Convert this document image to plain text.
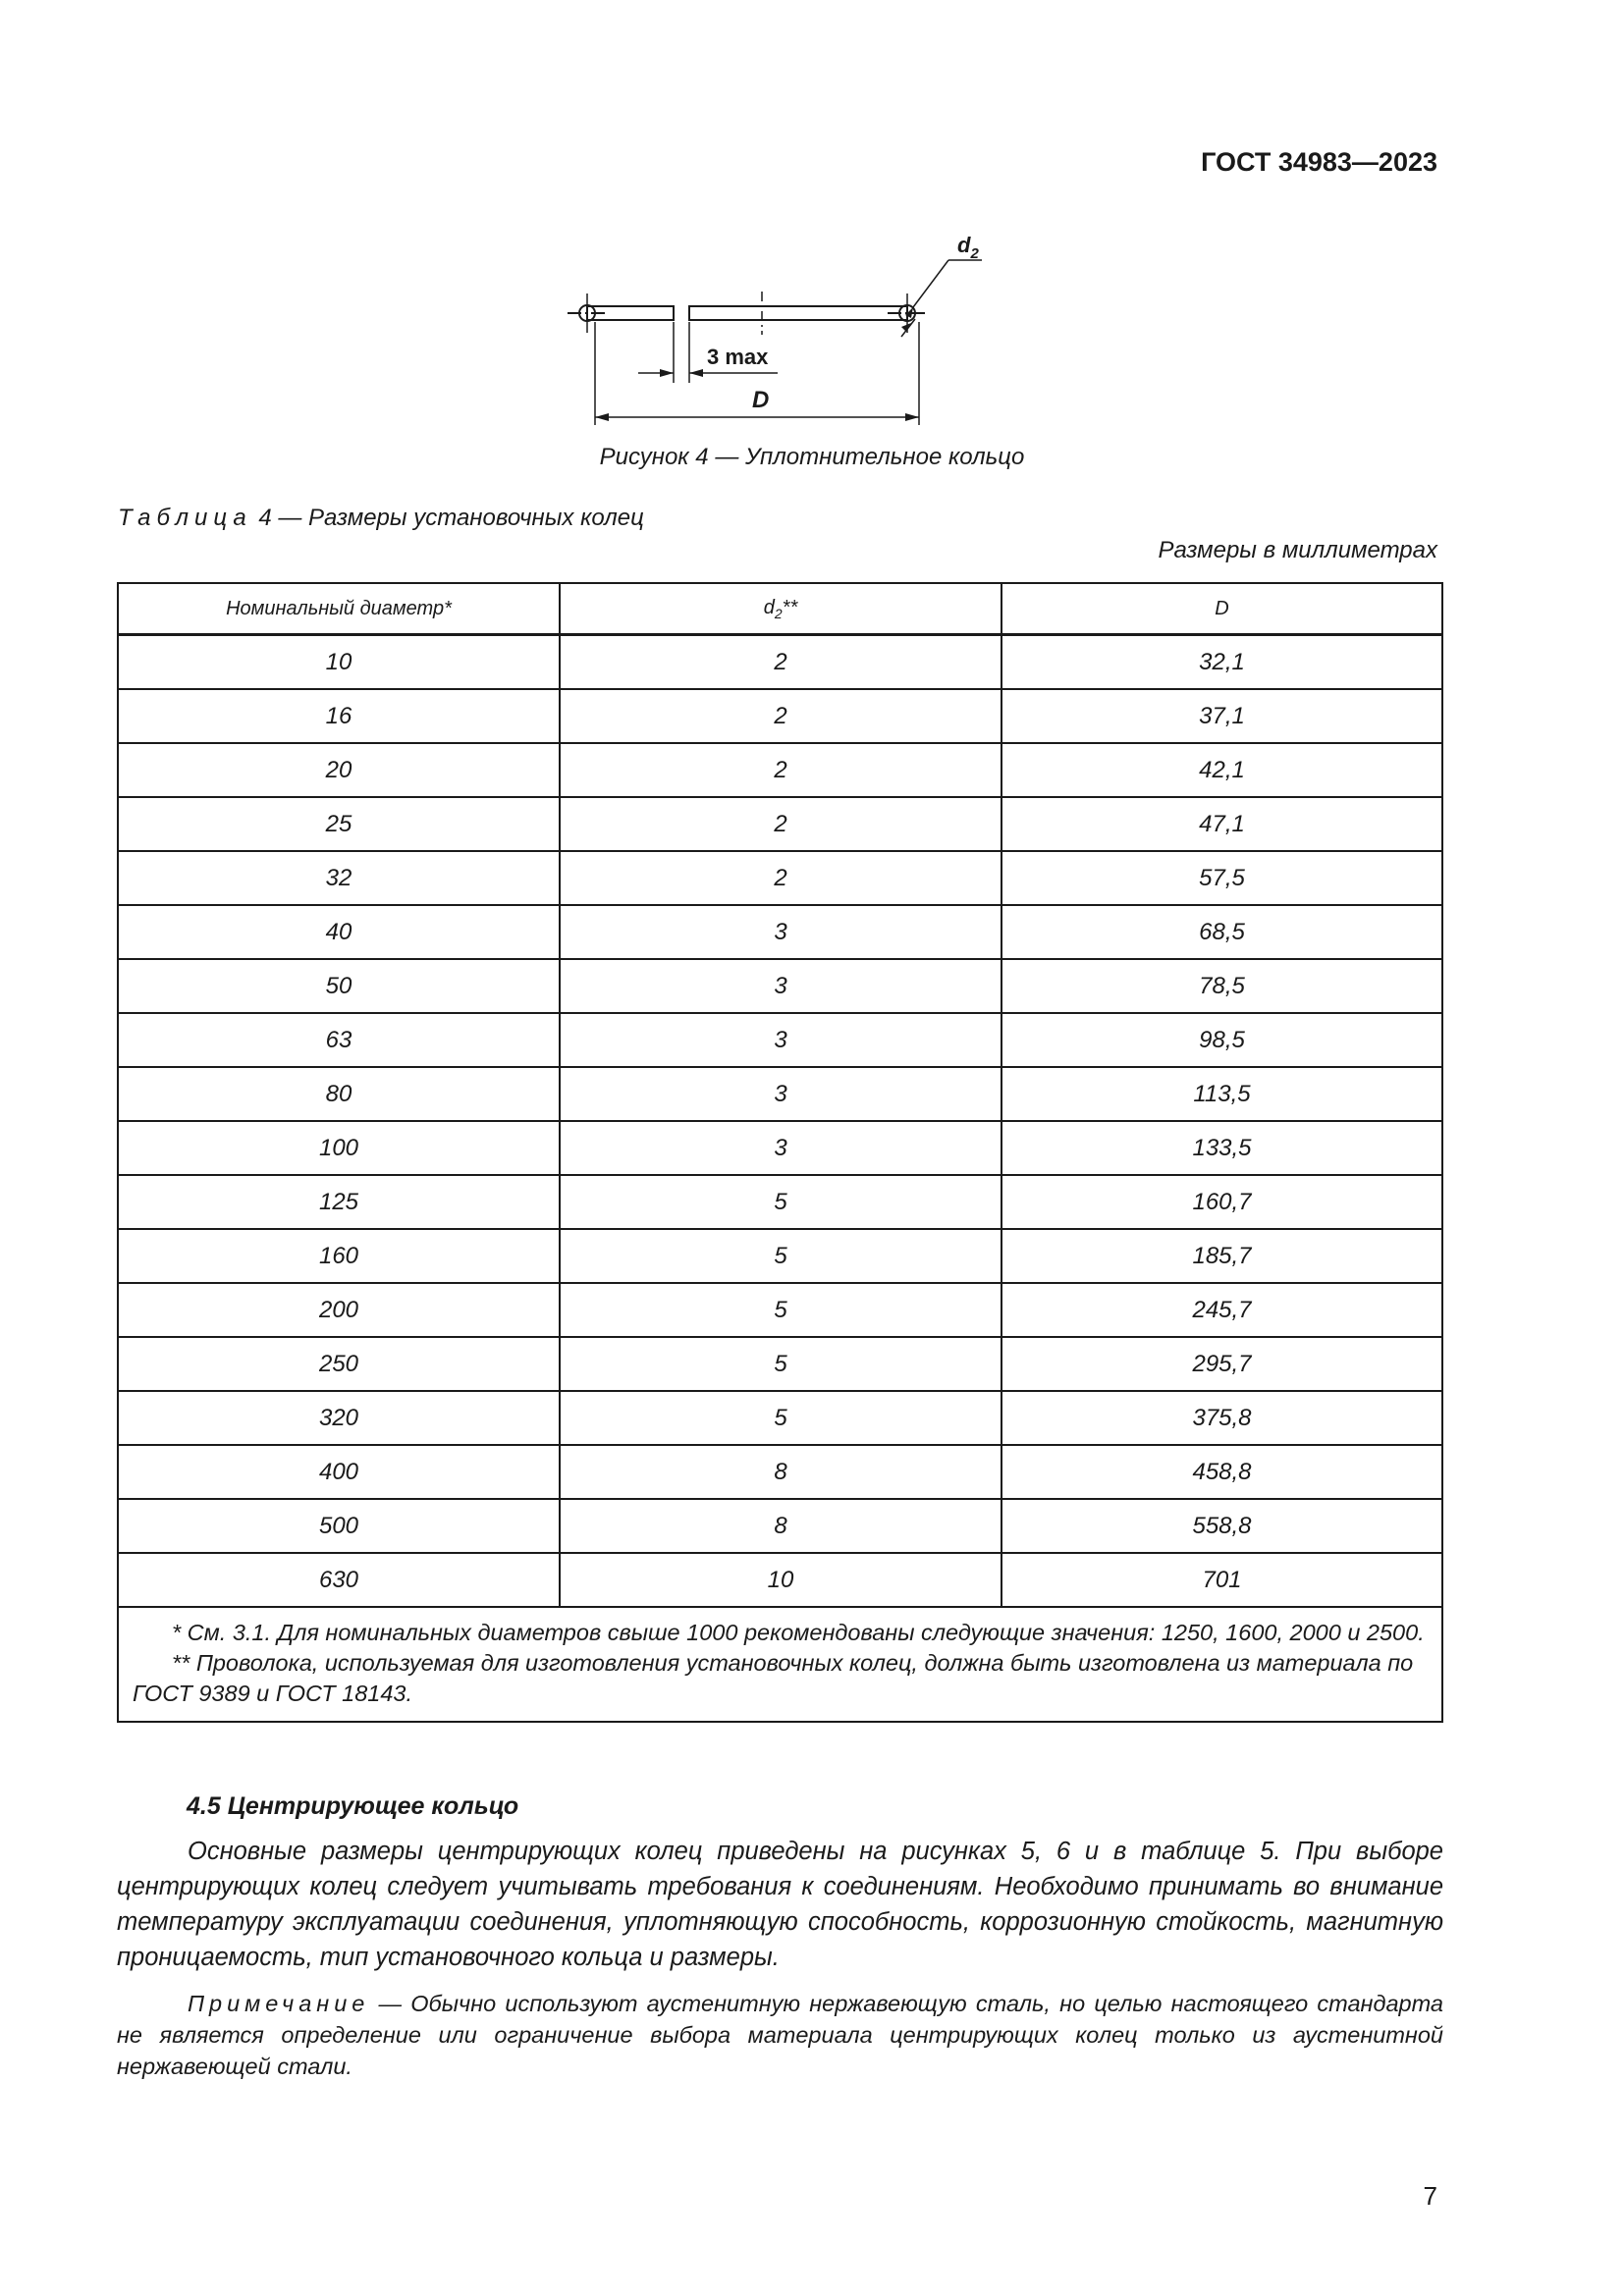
ГОСТ 34983—2023
$d_2$
3 max
D
Рисунок 4 — Уплотнительное кольцо
Таблица 4 — Размеры установочных колец
Размеры в миллиметрах
Номинальный диаметр*	$d_2**$	D
10	2	32,1
16	2	37,1
20	2	42,1
25	2	47,1
32	2	57,5
40	3	68,5
50	3	78,5
63	3	98,5
80	3	113,5
100	3	133,5
125	5	160,7
160	5	185,7
200	5	245,7
250	5	295,7
320	5	375,8
400	8	458,8
500	8	558,8
630	10	701

* См. 3.1. Для номинальных диаметров свыше 1000 рекомендованы следующие значения: 1250, 1600, 2000 и 2500.

** Проволока, используемая для изготовления установочных колец, должна быть изготовлена из материала по ГОСТ 9389 и ГОСТ 18143.		

4.5 Центрирующее кольцо
Основные размеры центрирующих колец приведены на рисунках 5, 6 и в таблице 5. При выборе центрирующих колец следует учитывать требования к соединениям. Необходимо принимать во внимание температуру эксплуатации соединения, уплотняющую способность, коррозионную стойкость, магнитную проницаемость, тип установочного кольца и размеры.
Примечание — Обычно используют аустенитную нержавеющую сталь, но целью настоящего стандарта не является определение или ограничение выбора материала центрирующих колец только из аустенитной нержавеющей стали.
7
